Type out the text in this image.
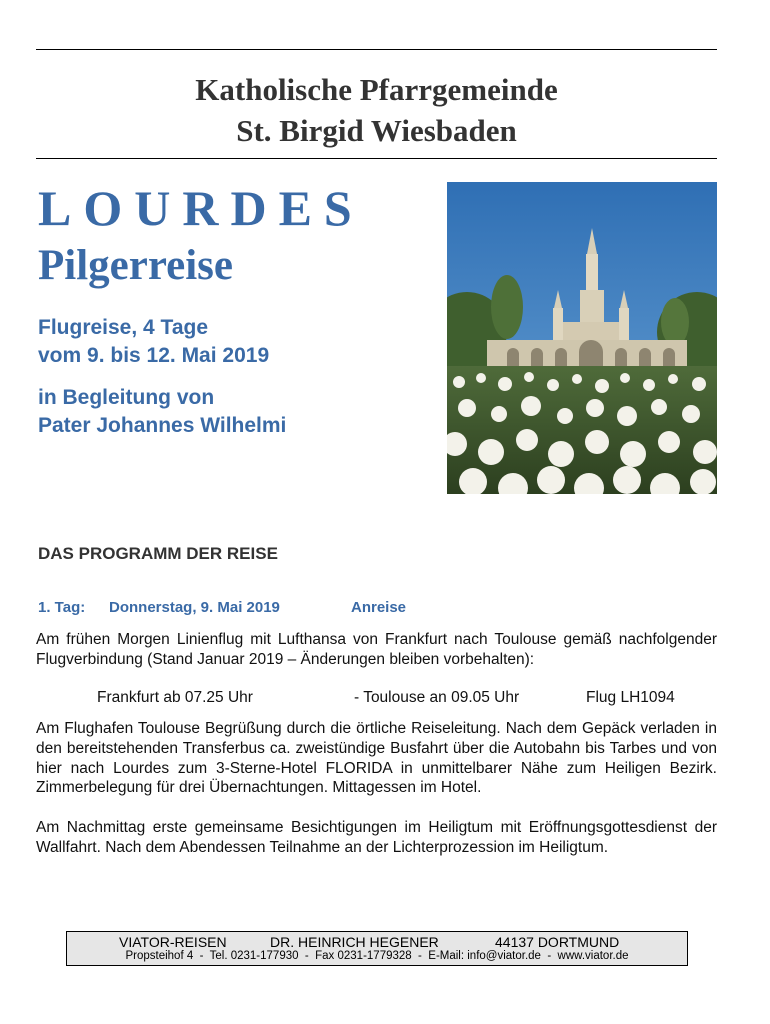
Katholische Pfarrgemeinde
St. Birgid Wiesbaden
LOURDES
Pilgerreise
Flugreise, 4 Tage
vom 9. bis 12. Mai 2019
in Begleitung von
Pater Johannes Wilhelmi
DAS PROGRAMM DER REISE
1. Tag: Donnerstag, 9. Mai 2019	Anreise
Am frühen Morgen Linienflug mit Lufthansa von Frankfurt nach Toulouse gemäß nachfolgender Flugverbindung (Stand Januar 2019 – Änderungen bleiben vorbehalten):
Frankfurt ab 07.25 Uhr	- Toulouse an 09.05 Uhr	Flug LH1094
Am Flughafen Toulouse Begrüßung durch die örtliche Reiseleitung. Nach dem Gepäck verladen in den bereitstehenden Transferbus ca. zweistündige Busfahrt über die Autobahn bis Tarbes und von hier nach Lourdes zum 3-Sterne-Hotel FLORIDA in unmittelbarer Nähe zum Heiligen Bezirk. Zimmerbelegung für drei Übernachtungen. Mittagessen im Hotel.
Am Nachmittag erste gemeinsame Besichtigungen im Heiligtum mit Eröffnungsgottesdienst der Wallfahrt. Nach dem Abendessen Teilnahme an der Lichterprozession im Heiligtum.
VIATOR-REISEN	DR. HEINRICH HEGENER	44137 DORTMUND
Propsteihof 4  -  Tel. 0231-177930  -  Fax 0231-1779328  -  E-Mail: info@viator.de  -  www.viator.de
